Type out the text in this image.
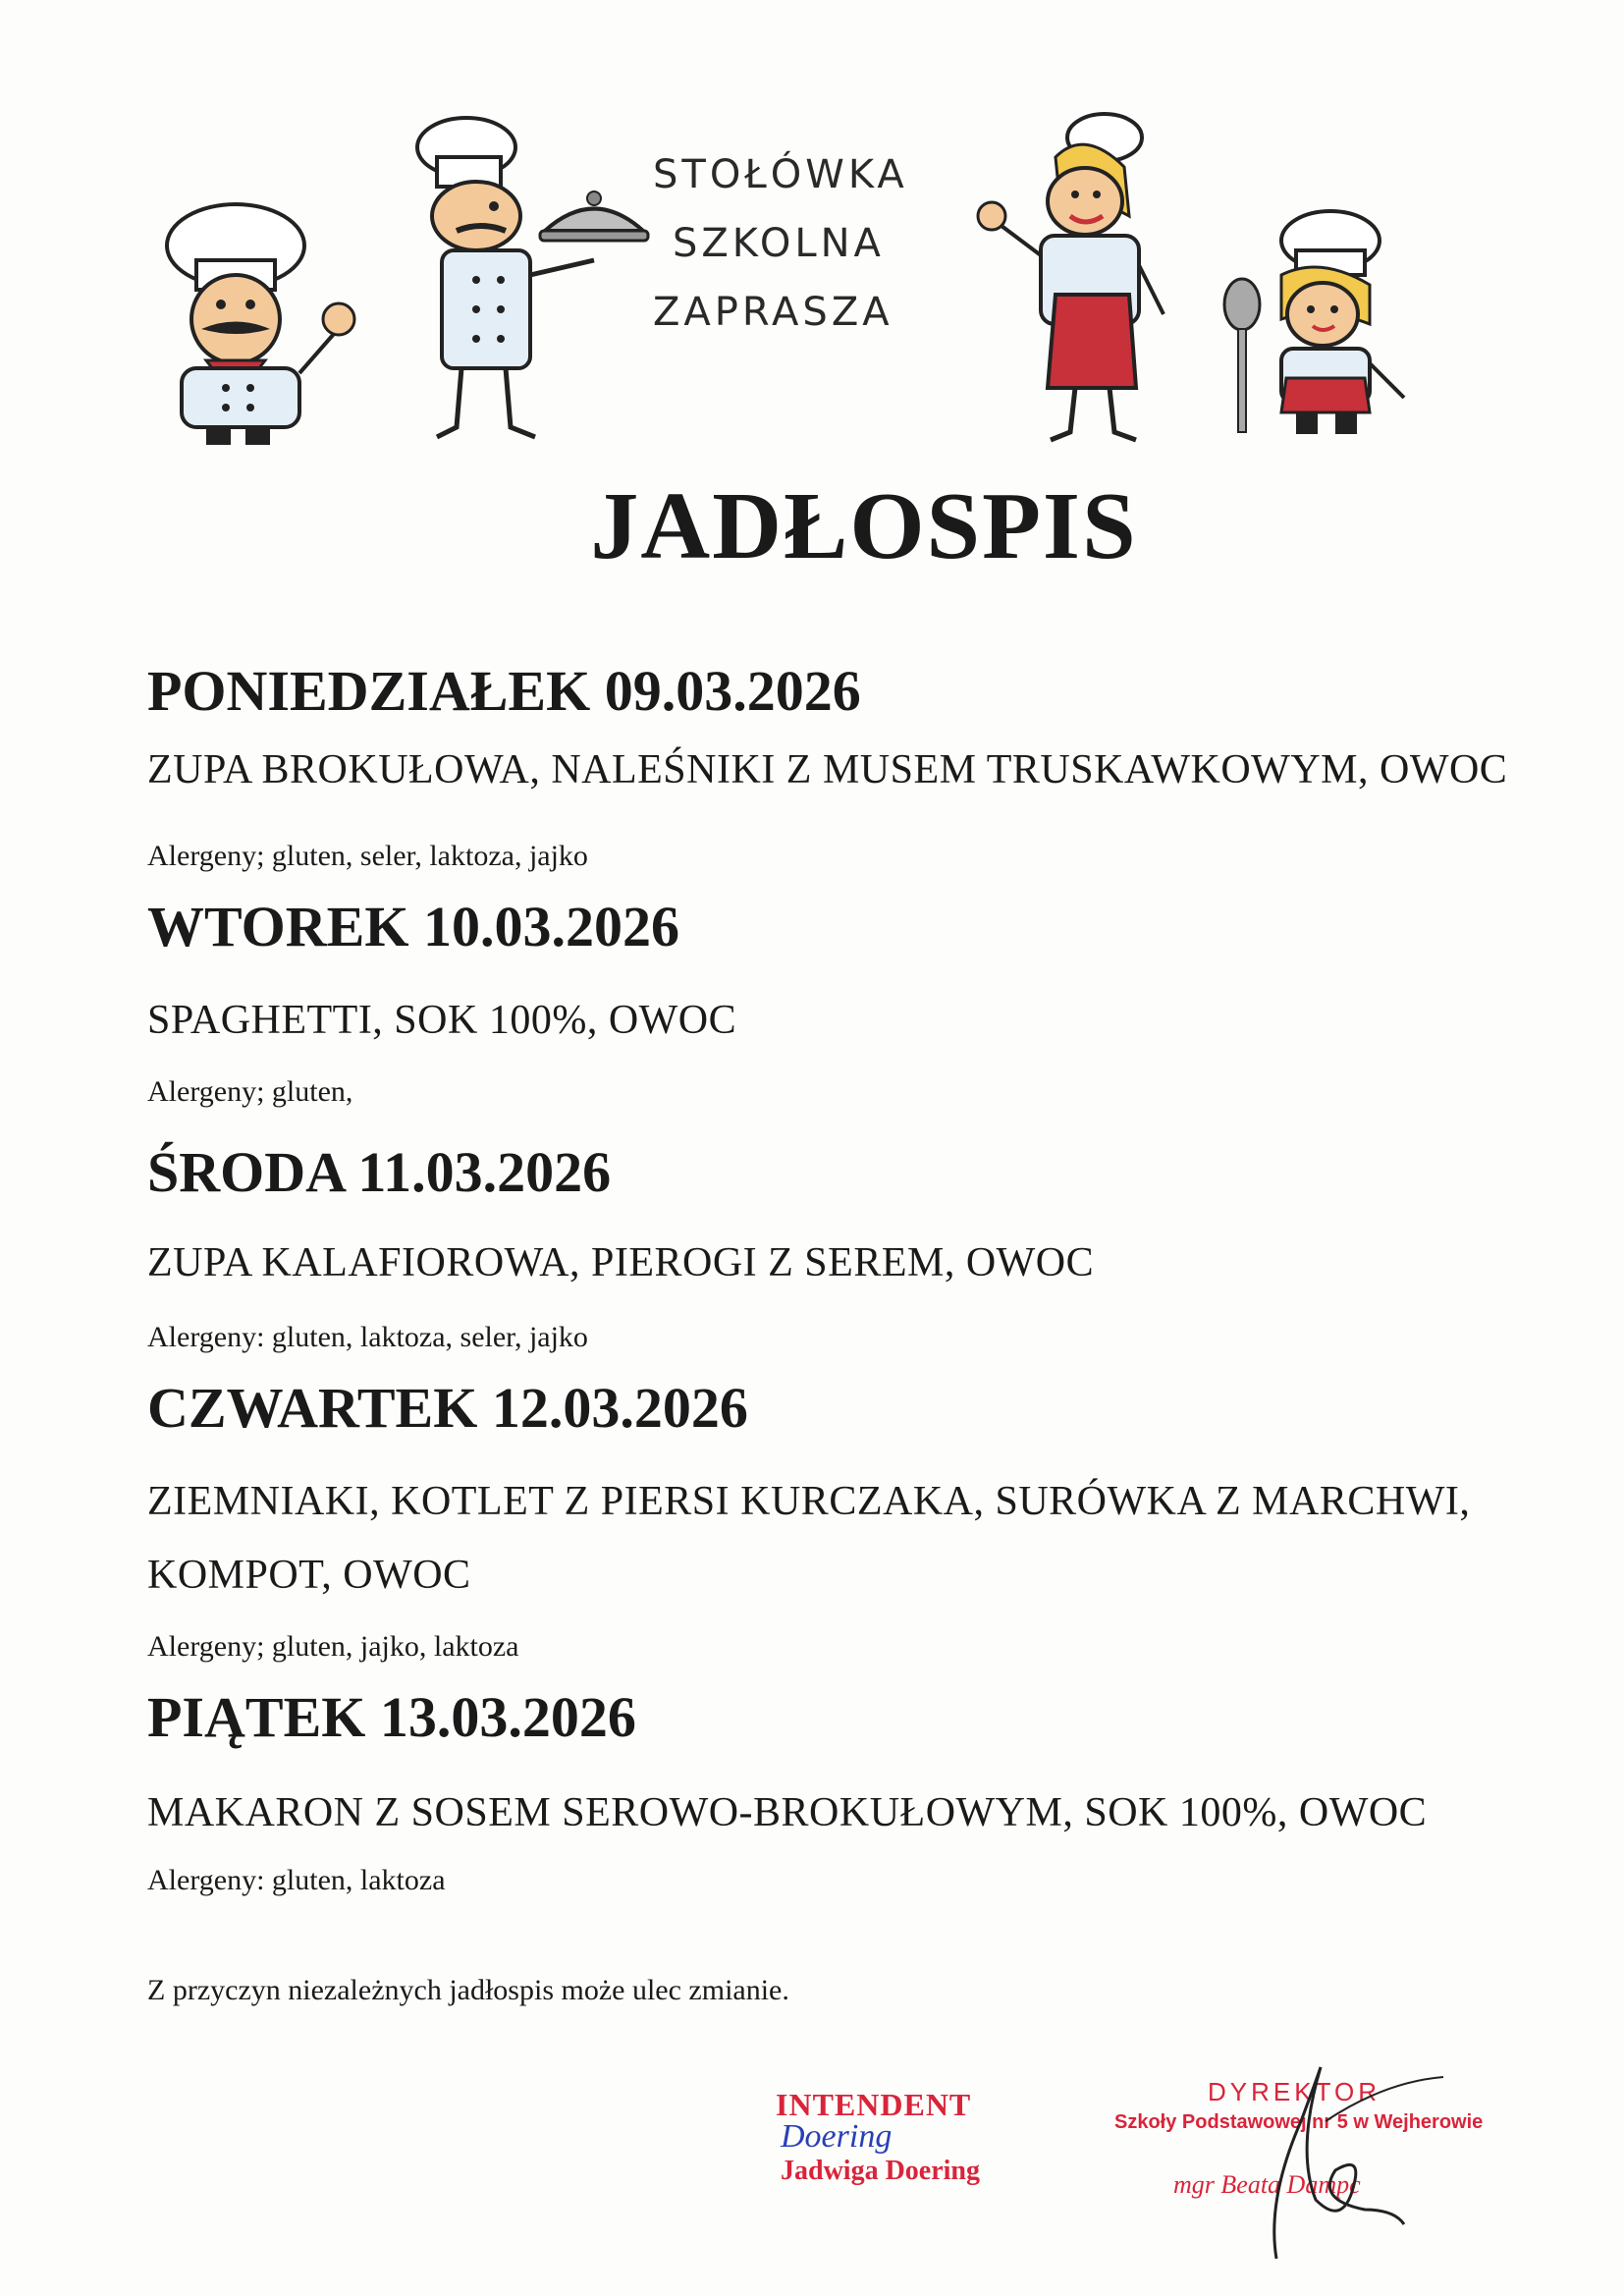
STOŁÓWKA
SZKOLNA
ZAPRASZA
JADŁOSPIS
PONIEDZIAŁEK 09.03.2026
ZUPA BROKUŁOWA, NALEŚNIKI Z MUSEM TRUSKAWKOWYM, OWOC
Alergeny; gluten, seler, laktoza, jajko
WTOREK 10.03.2026
SPAGHETTI, SOK 100%, OWOC
Alergeny; gluten,
ŚRODA 11.03.2026
ZUPA KALAFIOROWA, PIEROGI Z SEREM, OWOC
Alergeny: gluten, laktoza, seler, jajko
CZWARTEK 12.03.2026
ZIEMNIAKI, KOTLET Z PIERSI KURCZAKA, SURÓWKA Z MARCHWI,
KOMPOT, OWOC
Alergeny; gluten, jajko, laktoza
PIĄTEK 13.03.2026
MAKARON Z SOSEM SEROWO-BROKUŁOWYM, SOK 100%, OWOC
Alergeny: gluten, laktoza
Z przyczyn niezależnych jadłospis może ulec zmianie.
INTENDENT
Doering
Jadwiga Doering
DYREKTOR
Szkoły Podstawowej nr 5 w Wejherowie
mgr Beata Dampc
